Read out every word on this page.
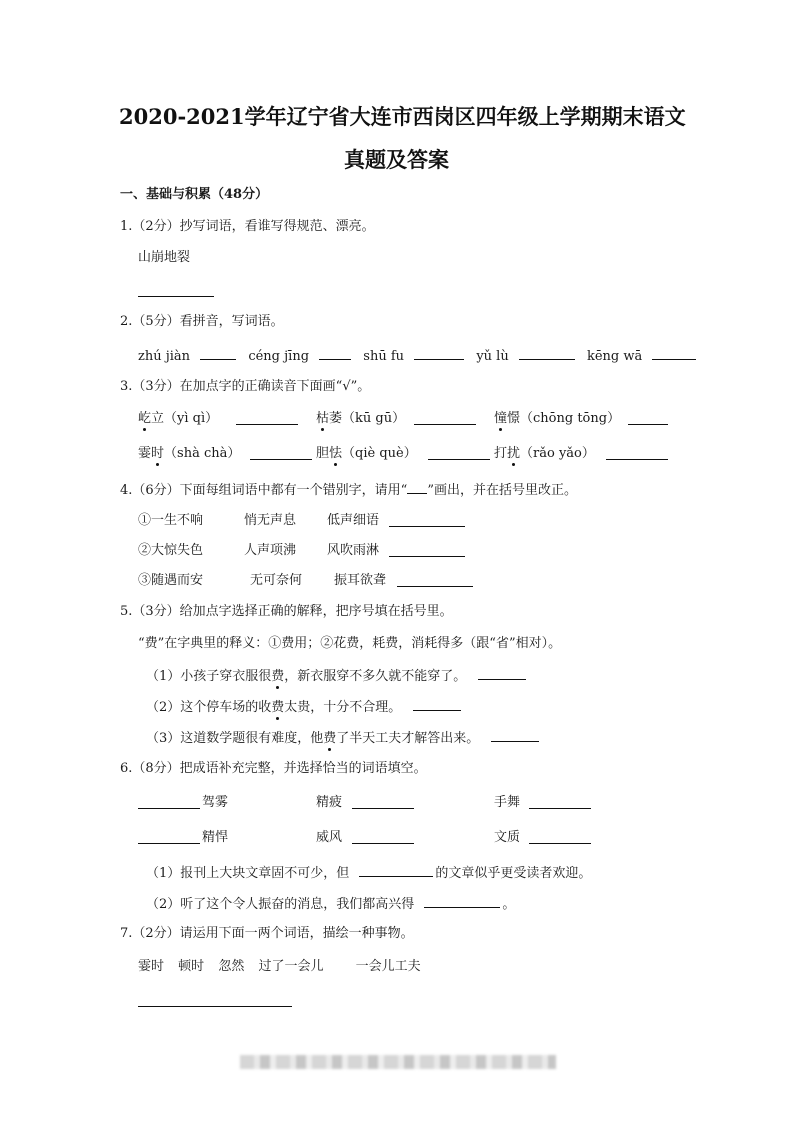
2020-2021学年辽宁省大连市西岗区四年级上学期期末语文
真题及答案
一、基础与积累（48分）
1.（2分）抄写词语，看谁写得规范、漂亮。
山崩地裂
2.（5分）看拼音，写词语。
zhú jiàn	céng jīng	shū fu	yǔ lù	kēng wā
3.（3分）在加点字的正确读音下面画“√”。
屹立（yì qì）	枯萎（kū gū）	憧憬（chōng tōng）
霎时（shà chà）	胆怯（qiè què）	打扰（rǎo yǎo）
4.（6分）下面每组词语中都有一个错别字，请用“ ”画出，并在括号里改正。
①一生不响	悄无声息 低声细语
②大惊失色	人声项沸 风吹雨淋
③随遇而安	无可奈何 振耳欲聋
5.（3分）给加点字选择正确的解释，把序号填在括号里。
“费”在字典里的释义：①费用；②花费，耗费，消耗得多（跟“省”相对）。
（1）小孩子穿衣服很费，新衣服穿不多久就不能穿了。
（2）这个停车场的收费太贵，十分不合理。
（3）这道数学题很有难度，他费了半天工夫才解答出来。
6.（8分）把成语补充完整，并选择恰当的词语填空。
驾雾	精疲	手舞
精悍	威风	文质
（1）报刊上大块文章固不可少，但	的文章似乎更受读者欢迎。
（2）听了这个令人振奋的消息，我们都高兴得	。
7.（2分）请运用下面一两个词语，描绘一种事物。
霎时 顿时 忽然 过了一会儿 一会儿工夫
